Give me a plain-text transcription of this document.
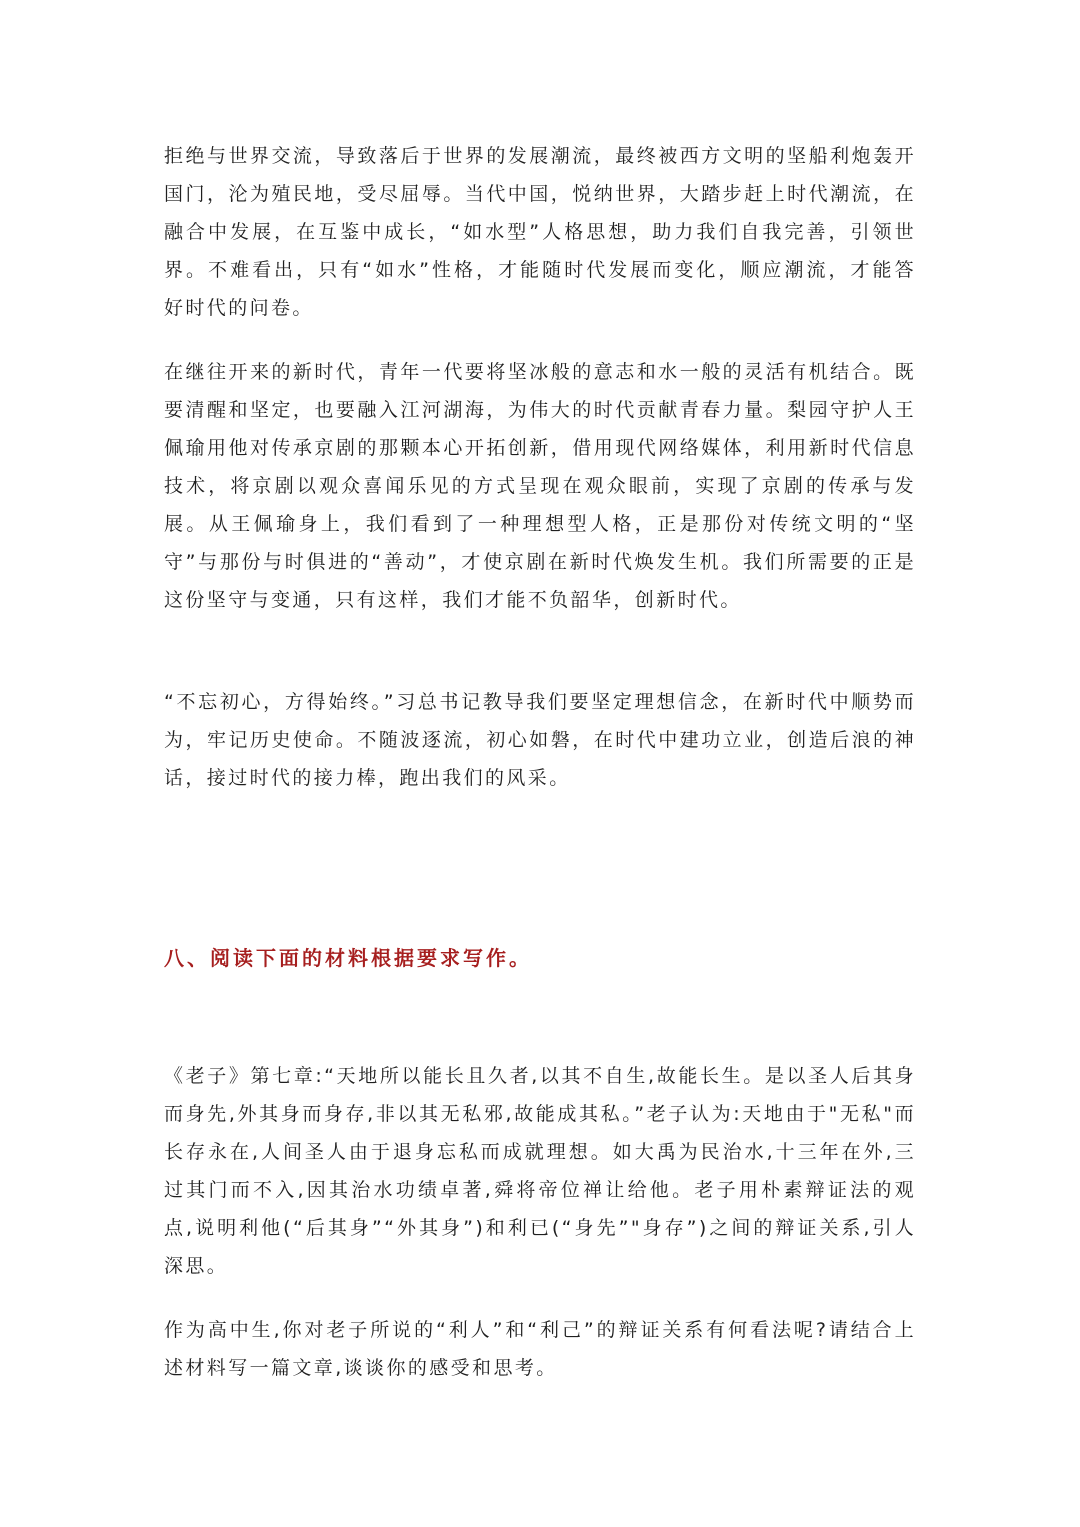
拒绝与世界交流，导致落后于世界的发展潮流，最终被西方文明的坚船利炮轰开国门，沦为殖民地，受尽屈辱。当代中国，悦纳世界，大踏步赶上时代潮流，在融合中发展，在互鉴中成长，“如水型”人格思想，助力我们自我完善，引领世界。不难看出，只有“如水”性格，才能随时代发展而变化，顺应潮流，才能答好时代的问卷。

在继往开来的新时代，青年一代要将坚冰般的意志和水一般的灵活有机结合。既要清醒和坚定，也要融入江河湖海，为伟大的时代贡献青春力量。梨园守护人王佩瑜用他对传承京剧的那颗本心开拓创新，借用现代网络媒体，利用新时代信息技术，将京剧以观众喜闻乐见的方式呈现在观众眼前，实现了京剧的传承与发展。从王佩瑜身上，我们看到了一种理想型人格，正是那份对传统文明的“坚守”与那份与时俱进的“善动”，才使京剧在新时代焕发生机。我们所需要的正是这份坚守与变通，只有这样，我们才能不负韶华，创新时代。

“不忘初心，方得始终。”习总书记教导我们要坚定理想信念，在新时代中顺势而为，牢记历史使命。不随波逐流，初心如磐，在时代中建功立业，创造后浪的神话，接过时代的接力棒，跑出我们的风采。

八、阅读下面的材料根据要求写作。

《老子》第七章:“天地所以能长且久者,以其不自生,故能长生。是以圣人后其身而身先,外其身而身存,非以其无私邪,故能成其私。”老子认为:天地由于"无私"而长存永在,人间圣人由于退身忘私而成就理想。如大禹为民治水,十三年在外,三过其门而不入,因其治水功绩卓著,舜将帝位禅让给他。老子用朴素辩证法的观点,说明利他(“后其身”“外其身”)和利已(“身先”"身存”)之间的辩证关系,引人深思。

作为高中生,你对老子所说的“利人”和“利己”的辩证关系有何看法呢?请结合上述材料写一篇文章,谈谈你的感受和思考。
